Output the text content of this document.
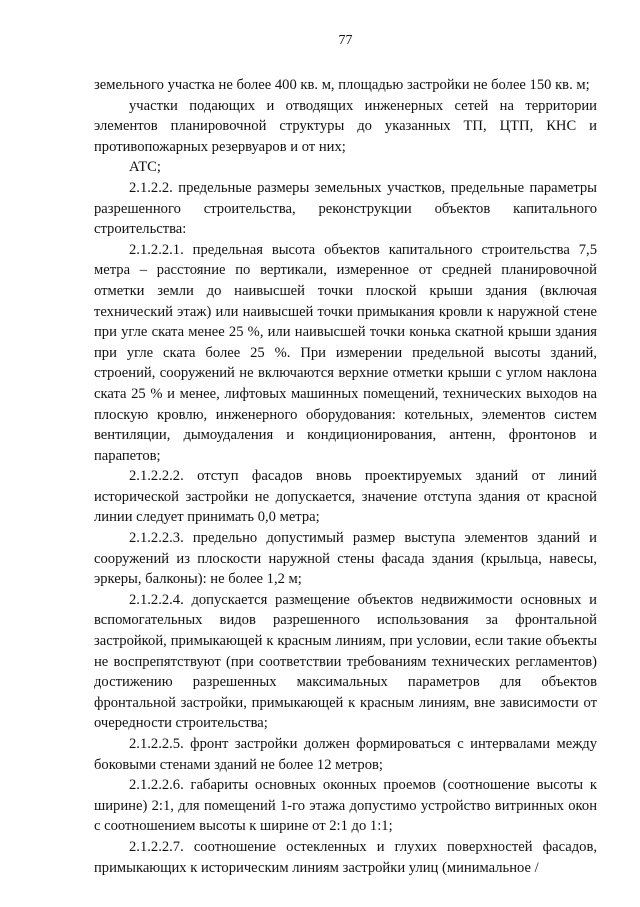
77

земельного участка не более 400 кв. м, площадью застройки не более 150 кв. м;

участки подающих и отводящих инженерных сетей на территории элементов планировочной структуры до указанных ТП, ЦТП, КНС и противопожарных резервуаров и от них;

АТС;

2.1.2.2. предельные размеры земельных участков, предельные параметры разрешенного строительства, реконструкции объектов капитального строительства:

2.1.2.2.1. предельная высота объектов капитального строительства 7,5 метра – расстояние по вертикали, измеренное от средней планировочной отметки земли до наивысшей точки плоской крыши здания (включая технический этаж) или наивысшей точки примыкания кровли к наружной стене при угле ската менее 25 %, или наивысшей точки конька скатной крыши здания при угле ската более 25 %. При измерении предельной высоты зданий, строений, сооружений не включаются верхние отметки крыши с углом наклона ската 25 % и менее, лифтовых машинных помещений, технических выходов на плоскую кровлю, инженерного оборудования: котельных, элементов систем вентиляции, дымоудаления и кондиционирования, антенн, фронтонов и парапетов;

2.1.2.2.2. отступ фасадов вновь проектируемых зданий от линий исторической застройки не допускается, значение отступа здания от красной линии следует принимать 0,0 метра;

2.1.2.2.3. предельно допустимый размер выступа элементов зданий и сооружений из плоскости наружной стены фасада здания (крыльца, навесы, эркеры, балконы): не более 1,2 м;

2.1.2.2.4. допускается размещение объектов недвижимости основных и вспомогательных видов разрешенного использования за фронтальной застройкой, примыкающей к красным линиям, при условии, если такие объекты не воспрепятствуют (при соответствии требованиям технических регламентов) достижению разрешенных максимальных параметров для объектов фронтальной застройки, примыкающей к красным линиям, вне зависимости от очередности строительства;

2.1.2.2.5. фронт застройки должен формироваться с интервалами между боковыми стенами зданий не более 12 метров;

2.1.2.2.6. габариты основных оконных проемов (соотношение высоты к ширине) 2:1, для помещений 1-го этажа допустимо устройство витринных окон с соотношением высоты к ширине от 2:1 до 1:1;

2.1.2.2.7. соотношение остекленных и глухих поверхностей фасадов, примыкающих к историческим линиям застройки улиц (минимальное /
